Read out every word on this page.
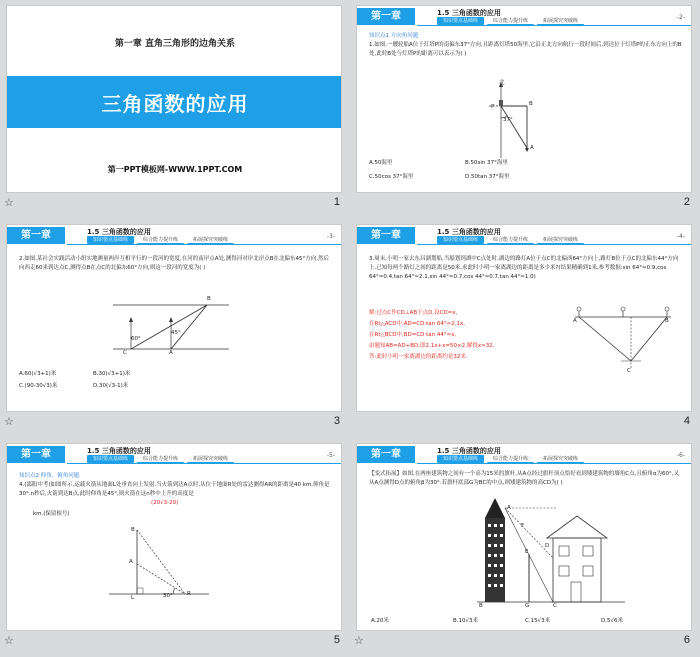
第一章 直角三角形的边角关系
三角函数的应用
第一PPT模板网-WWW.1PPT.COM
☆	1
第一章	1.5 三角函数的应用
知识要点基础练	综合能力提升练	拓展探究突破练	-2-
知识点1 方向角问题
1.如图,一艘轮船A位于灯塔P的南偏东37°方向,且距离灯塔50海里,它沿正北方向航行一段时间后,到达位于灯塔P的正东方向上的B处,此时B处与灯塔P的距离可以表示为( )
北
P	B
A
37°
A.50海里	B.50sin 37°海里
C.50cos 37°海里	D.50tan 37°海里
2
第一章	1.5 三角函数的应用
知识要点基础练	综合能力提升练	拓展探究突破练	-3-
2.如图,某社会实践活动小组实地测量两岸互相平行的一段河的宽度,在河的南岸点A处,测得河对岸北岸点B在北偏东45°方向,然后向西走60米到达点C,测得点B在点C的北偏东60°方向,则这一段河的宽度为( )
B
C	A
60°
45°
A.60(√3+1)米	B.30(√3+1)米
C.(90-30√3)米	D.30(√3-1)米
☆	3
第一章	1.5 三角函数的应用
知识要点基础练	综合能力提升练	拓展探究突破练	-4-
3.周末,小明一家去东昌湖划船,当船划到湖中C点处时,湖边的路灯A位于点C的北偏西64°方向上,路灯B位于点C的北偏东44°方向上.已知每两个路灯之间的距离是50米,求此时小明一家离湖边的距离是多少米?(结果精确到1米,参考数据:sin 64°≈0.9,cos 64°≈0.4,tan 64°≈2.1,sin 44°≈0.7,cos 44°≈0.7,tan 44°≈1.0)
解:过点C作CD⊥AB于点D,设CD=x,
在Rt△ACD中,AD=CD·tan 64°≈2.1x,
在Rt△BCD中,BD=CD·tan 44°≈x,
由题知AB=AD+BD,即2.1x+x=50×2,解得x≈32.
答:此时小明一家离湖边的距离约是32米.
A	B
C
4
第一章	1.5 三角函数的应用
知识要点基础练	综合能力提升练	拓展探究突破练	-5-
知识点2 仰角、俯角问题
4.(邵阳中考)如图所示,运载火箭从地面L处垂直向上发射,当火箭到达A点时,从位于地面R处的雷达测得AR的距离是40 km,仰角是30°.n秒后,火箭到达B点,此时仰角是45°,则火箭在这n秒中上升的高度是
(20√3-20)
km.(保留根号)
B
A
L
R
30°
☆	5
第一章	1.5 三角函数的应用
知识要点基础练	综合能力提升练	拓展探究突破练	-6-
【变式拓展】如图,在两座建筑物之间有一个高为15米的旗杆,从A点经过旗杆顶点恰好看到矮建筑物的墙角C点,且俯角α为60°,又从A点测得D点的俯角β为30°.若旗杆底部G为BC的中点,则矮建筑物的高CD为( )
A
D
E
F
G
B	C
A.20米	B.10√3米	C.15√3米	D.5√6米
☆	6
